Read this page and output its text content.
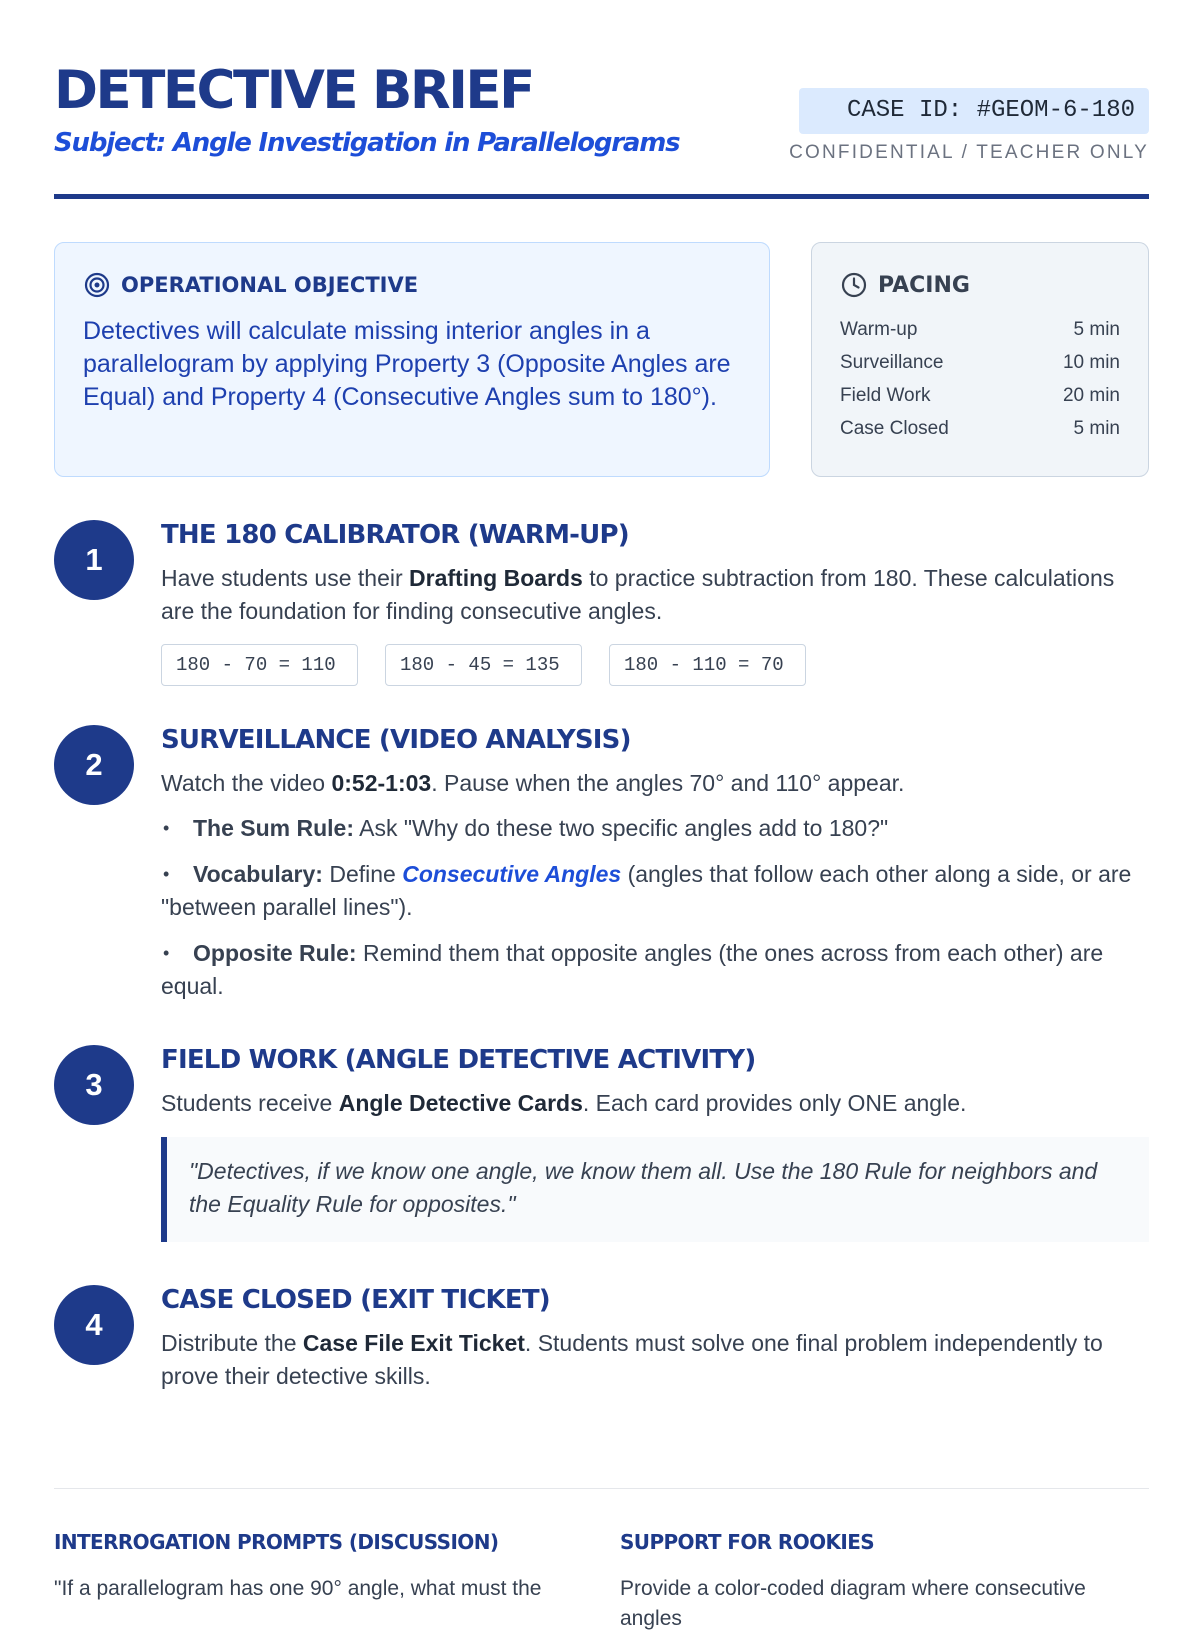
DETECTIVE BRIEF
Subject: Angle Investigation in Parallelograms
CASE ID: #GEOM-6-180
CONFIDENTIAL / TEACHER ONLY
OPERATIONAL OBJECTIVE
Detectives will calculate missing interior angles in a parallelogram by applying Property 3 (Opposite Angles are Equal) and Property 4 (Consecutive Angles sum to 180°).
PACING
Warm-up	5 min
Surveillance	10 min
Field Work	20 min
Case Closed	5 min
1
THE 180 CALIBRATOR (WARM-UP)
Have students use their Drafting Boards to practice subtraction from 180. These calculations are the foundation for finding consecutive angles.
180 - 70 = 110	180 - 45 = 135	180 - 110 = 70
2
SURVEILLANCE (VIDEO ANALYSIS)
Watch the video 0:52-1:03. Pause when the angles 70° and 110° appear.
• The Sum Rule: Ask "Why do these two specific angles add to 180?"
• Vocabulary: Define Consecutive Angles (angles that follow each other along a side, or are
"between parallel lines").
• Opposite Rule: Remind them that opposite angles (the ones across from each other) are
equal.
3
FIELD WORK (ANGLE DETECTIVE ACTIVITY)
Students receive Angle Detective Cards. Each card provides only ONE angle.
"Detectives, if we know one angle, we know them all. Use the 180 Rule for neighbors and the Equality Rule for opposites."
4
CASE CLOSED (EXIT TICKET)
Distribute the Case File Exit Ticket. Students must solve one final problem independently to prove their detective skills.
INTERROGATION PROMPTS (DISCUSSION)
"If a parallelogram has one 90° angle, what must the
SUPPORT FOR ROOKIES
Provide a color-coded diagram where consecutive angles
